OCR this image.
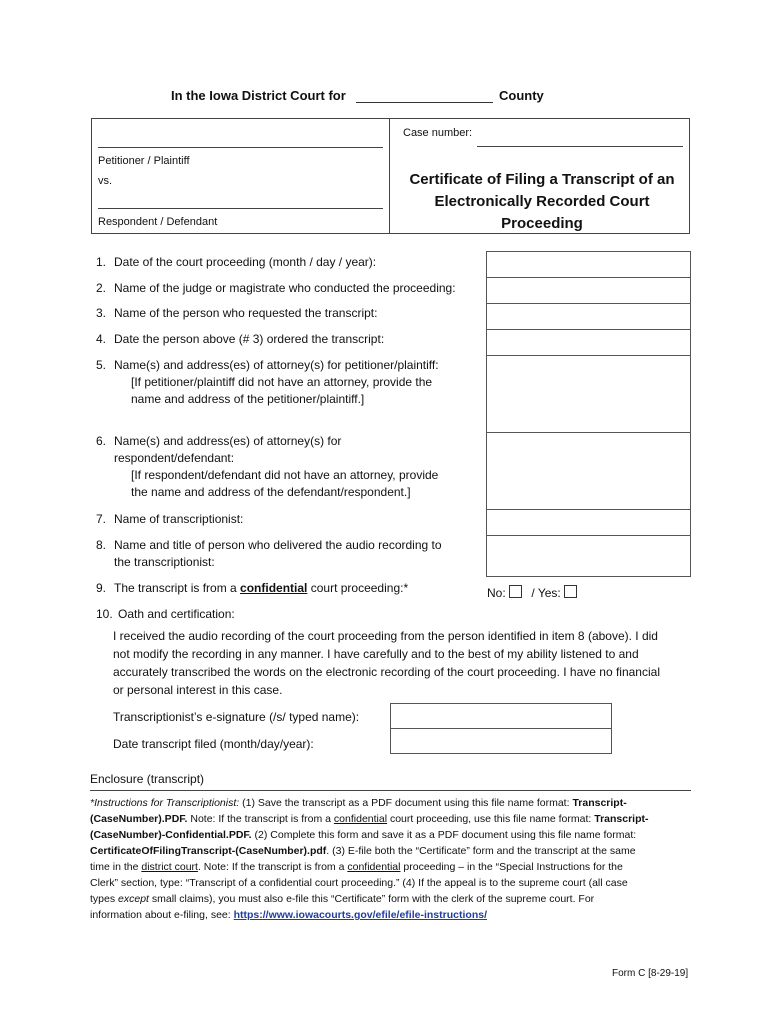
In the Iowa District Court for	County
Petitioner / Plaintiff
vs.
Respondent / Defendant
Case number:
Certificate of Filing a Transcript of an
Electronically Recorded Court
Proceeding
1. Date of the court proceeding (month / day / year):
2. Name of the judge or magistrate who conducted the proceeding:
3. Name of the person who requested the transcript:
4. Date the person above (# 3) ordered the transcript:
5. Name(s) and address(es) of attorney(s) for petitioner/plaintiff:
[If petitioner/plaintiff did not have an attorney, provide the
name and address of the petitioner/plaintiff.]
6. Name(s) and address(es) of attorney(s) for
respondent/defendant:
[If respondent/defendant did not have an attorney, provide
the name and address of the defendant/respondent.]
7. Name of transcriptionist:
8. Name and title of person who delivered the audio recording to
the transcriptionist:
9. The transcript is from a confidential court proceeding:*	No: / Yes:
10. Oath and certification:
I received the audio recording of the court proceeding from the person identified in item 8 (above). I did
not modify the recording in any manner. I have carefully and to the best of my ability listened to and
accurately transcribed the words on the electronic recording of the court proceeding. I have no financial
or personal interest in this case.
Transcriptionist’s e-signature (/s/ typed name):
Date transcript filed (month/day/year):
Enclosure (transcript)
*Instructions for Transcriptionist: (1) Save the transcript as a PDF document using this file name format: Transcript-
(CaseNumber).PDF. Note: If the transcript is from a confidential court proceeding, use this file name format: Transcript-
(CaseNumber)-Confidential.PDF. (2) Complete this form and save it as a PDF document using this file name format:
CertificateOfFilingTranscript-(CaseNumber).pdf. (3) E-file both the “Certificate” form and the transcript at the same
time in the district court. Note: If the transcript is from a confidential proceeding – in the “Special Instructions for the
Clerk” section, type: “Transcript of a confidential court proceeding.” (4) If the appeal is to the supreme court (all case
types except small claims), you must also e-file this “Certificate” form with the clerk of the supreme court. For
information about e-filing, see: https://www.iowacourts.gov/efile/efile-instructions/
Form C [8-29-19]
